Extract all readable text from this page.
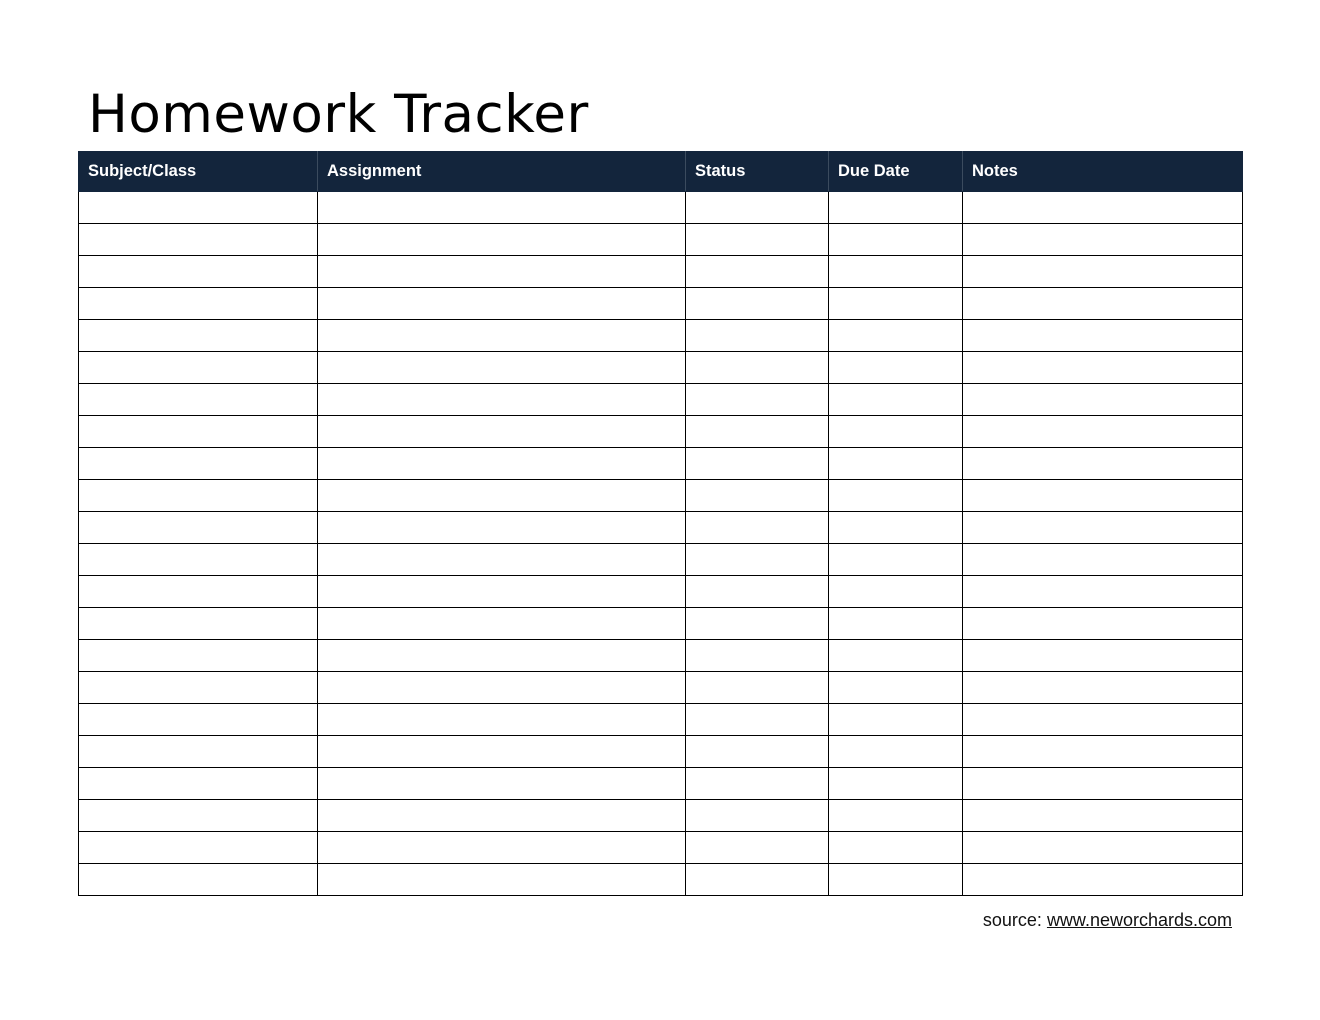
Homework Tracker
Subject/Class	Assignment	Status	Due Date	Notes

source: www.neworchards.com
